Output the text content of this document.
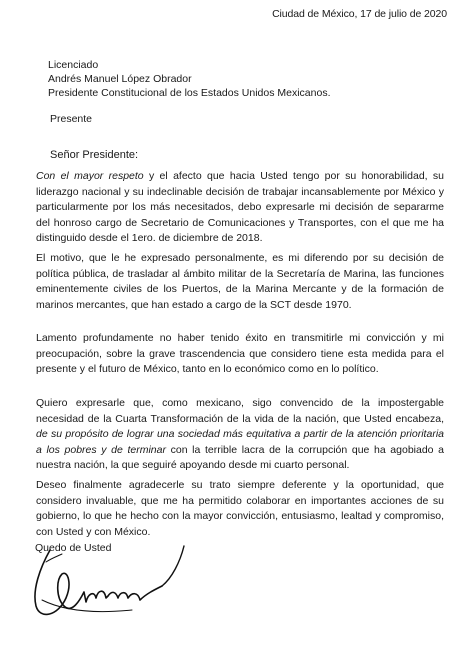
Ciudad de México, 17 de julio de 2020
Licenciado
Andrés Manuel López Obrador
Presidente Constitucional de los Estados Unidos Mexicanos.
Presente
Señor Presidente:

Con el mayor respeto y el afecto que hacia Usted tengo por su honorabilidad, su liderazgo nacional y su indeclinable decisión de trabajar incansablemente por México y particularmente por los más necesitados, debo expresarle mi decisión de separarme del honroso cargo de Secretario de Comunicaciones y Transportes, con el que me ha distinguido desde el 1ero. de diciembre de 2018.

El motivo, que le he expresado personalmente, es mi diferendo por su decisión de política pública, de trasladar al ámbito militar de la Secretaría de Marina, las funciones eminentemente civiles de los Puertos, de la Marina Mercante y de la formación de marinos mercantes, que han estado a cargo de la SCT desde 1970.

Lamento profundamente no haber tenido éxito en transmitirle mi convicción y mi preocupación, sobre la grave trascendencia que considero tiene esta medida para el presente y el futuro de México, tanto en lo económico como en lo político.

Quiero expresarle que, como mexicano, sigo convencido de la impostergable necesidad de la Cuarta Transformación de la vida de la nación, que Usted encabeza, de su propósito de lograr una sociedad más equitativa a partir de la atención prioritaria a los pobres y de terminar con la terrible lacra de la corrupción que ha agobiado a nuestra nación, la que seguiré apoyando desde mi cuarto personal.

Deseo finalmente agradecerle su trato siempre deferente y la oportunidad, que considero invaluable, que me ha permitido colaborar en importantes acciones de su gobierno, lo que he hecho con la mayor convicción, entusiasmo, lealtad y compromiso, con Usted y con México.

Quedo de Usted
